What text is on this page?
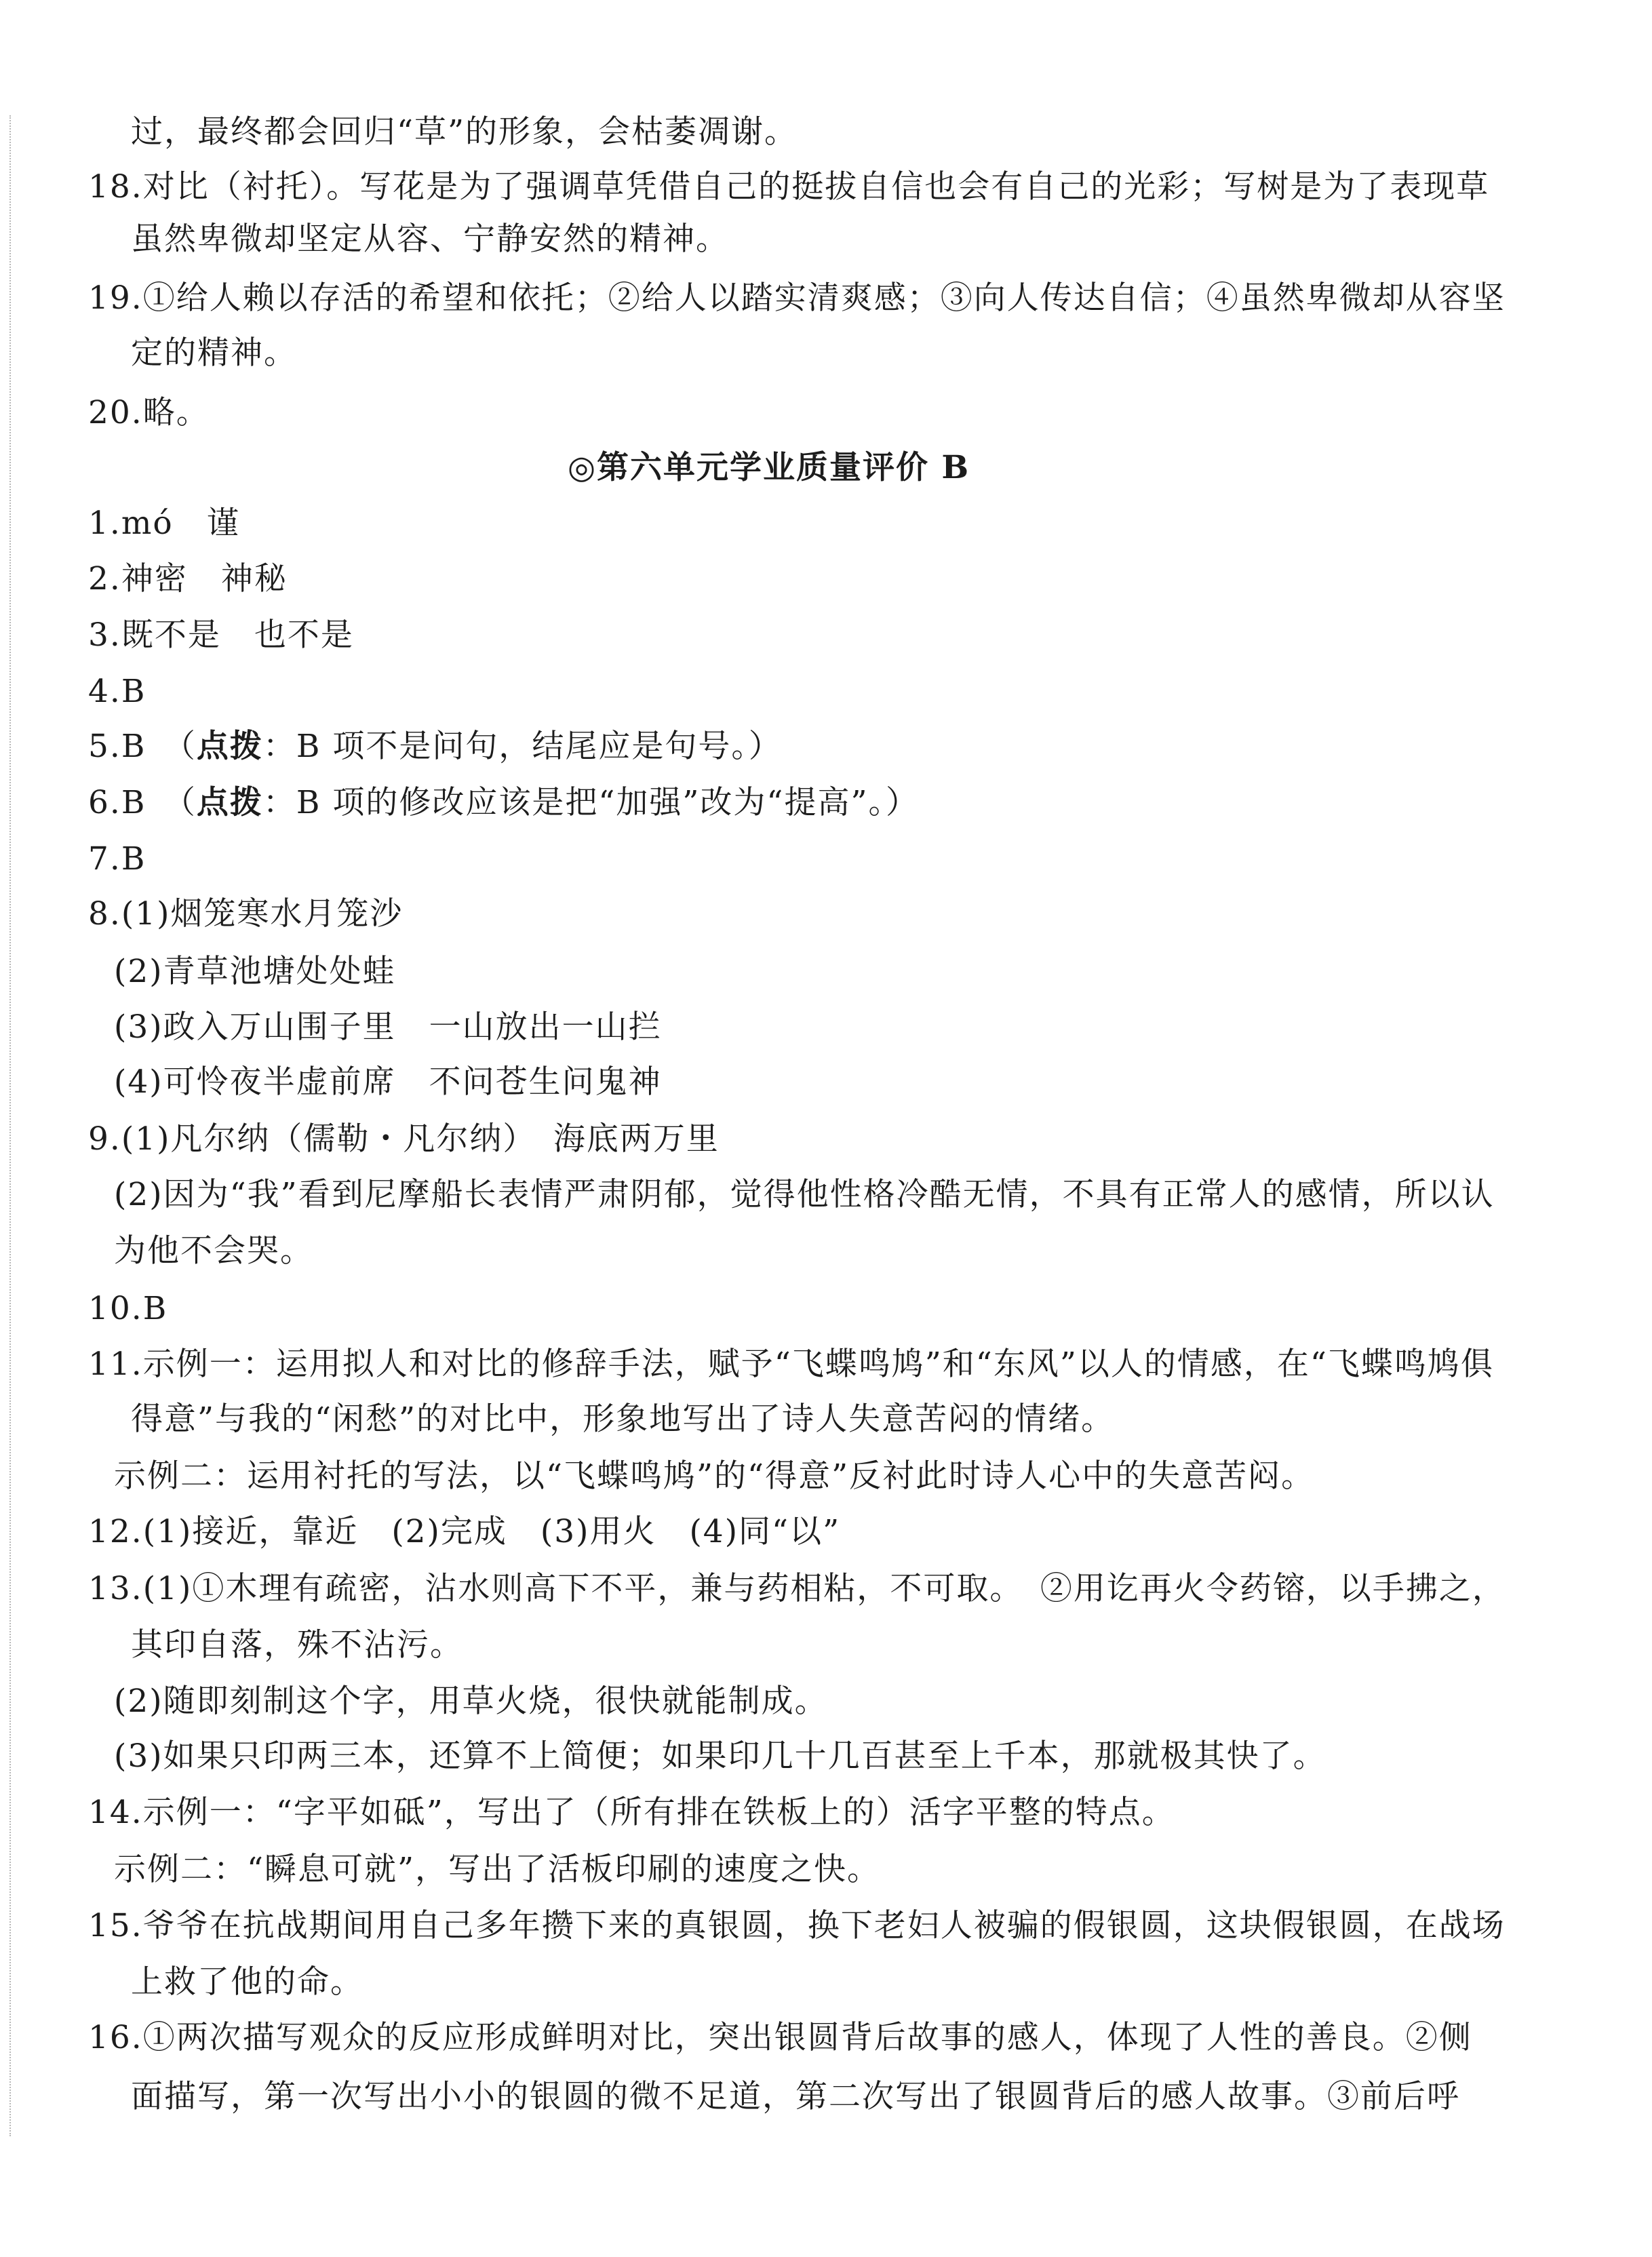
过，最终都会回归“草”的形象，会枯萎凋谢。
18.对比（衬托）。写花是为了强调草凭借自己的挺拔自信也会有自己的光彩；写树是为了表现草
虽然卑微却坚定从容、宁静安然的精神。
19.①给人赖以存活的希望和依托；②给人以踏实清爽感；③向人传达自信；④虽然卑微却从容坚
定的精神。
20.略。
◎第六单元学业质量评价 B
1.mó　谨
2.神密　神秘
3.既不是　也不是
4.B
5.B　（点拨：B 项不是问句，结尾应是句号。）
6.B　（点拨：B 项的修改应该是把“加强”改为“提高”。）
7.B
8.(1)烟笼寒水月笼沙
(2)青草池塘处处蛙
(3)政入万山围子里　一山放出一山拦
(4)可怜夜半虚前席　不问苍生问鬼神
9.(1)凡尔纳（儒勒・凡尔纳）　海底两万里
(2)因为“我”看到尼摩船长表情严肃阴郁，觉得他性格冷酷无情，不具有正常人的感情，所以认
为他不会哭。
10.B
11.示例一：运用拟人和对比的修辞手法，赋予“飞蝶鸣鸠”和“东风”以人的情感，在“飞蝶鸣鸠俱
得意”与我的“闲愁”的对比中，形象地写出了诗人失意苦闷的情绪。
示例二：运用衬托的写法，以“飞蝶鸣鸠”的“得意”反衬此时诗人心中的失意苦闷。
12.(1)接近，靠近　(2)完成　(3)用火　(4)同“以”
13.(1)①木理有疏密，沾水则高下不平，兼与药相粘，不可取。　②用讫再火令药镕，以手拂之，
其印自落，殊不沾污。
(2)随即刻制这个字，用草火烧，很快就能制成。
(3)如果只印两三本，还算不上简便；如果印几十几百甚至上千本，那就极其快了。
14.示例一：“字平如砥”，写出了（所有排在铁板上的）活字平整的特点。
示例二：“瞬息可就”，写出了活板印刷的速度之快。
15.爷爷在抗战期间用自己多年攒下来的真银圆，换下老妇人被骗的假银圆，这块假银圆，在战场
上救了他的命。
16.①两次描写观众的反应形成鲜明对比，突出银圆背后故事的感人，体现了人性的善良。②侧
面描写，第一次写出小小的银圆的微不足道，第二次写出了银圆背后的感人故事。③前后呼
